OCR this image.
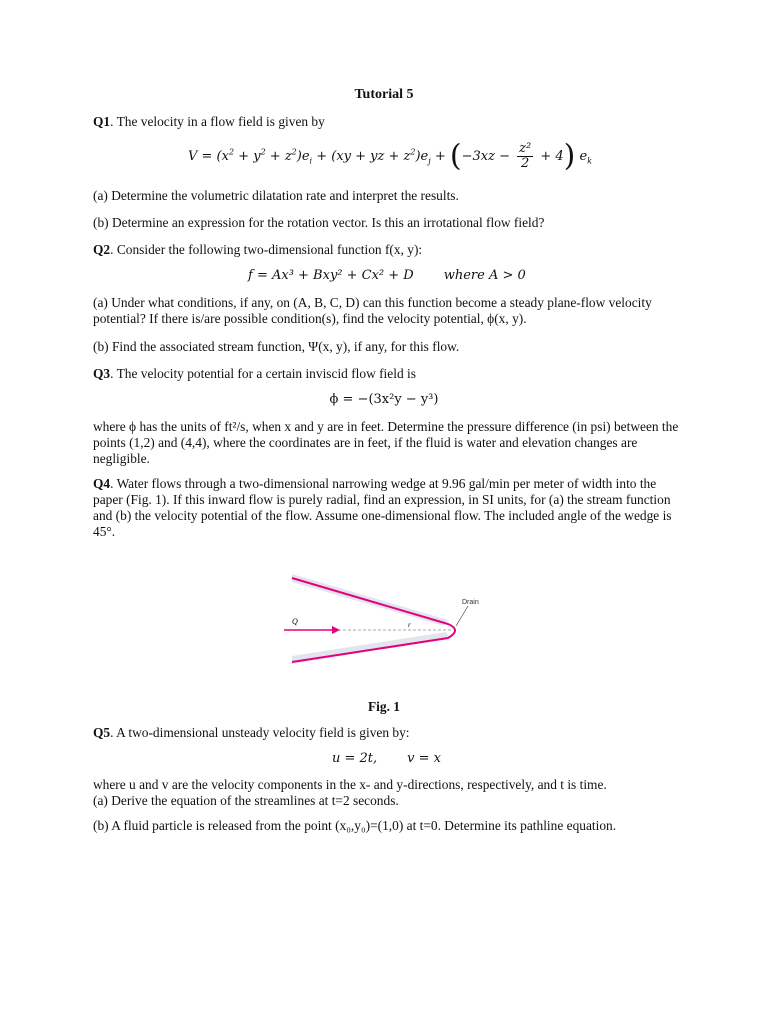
Tutorial 5

Q1. The velocity in a flow field is given by

$V = (x^2 + y^2 + z^2)e_i + (xy$ + yz + $z^2)e_j + (-3xz - \frac{\text{z²}}{2} + 4)$ $e_k$

(a) Determine the volumetric dilatation rate and interpret the results.

(b) Determine an expression for the rotation vector. Is this an irrotational flow field?

Q2. Consider the following two-dimensional function f(x, y):

f = Ax³ + Bxy² + Cx² + D where A > 0

(a) Under what conditions, if any, on (A, B, C, D) can this function become a steady plane-flow velocity potential? If there is/are possible condition(s), find the velocity potential, ϕ(x, y).

(b) Find the associated stream function, Ψ(x, y), if any, for this flow.

Q3. The velocity potential for a certain inviscid flow field is

ϕ = −(3x²y − y³)

where ϕ has the units of ft²/s, when x and y are in feet. Determine the pressure difference (in psi) between the points (1,2) and (4,4), where the coordinates are in feet, if the fluid is water and elevation changes are negligible.

Q4. Water flows through a two-dimensional narrowing wedge at 9.96 gal/min per meter of width into the paper (Fig. 1). If this inward flow is purely radial, find an expression, in SI units, for (a) the stream function and (b) the velocity potential of the flow. Assume one-dimensional flow. The included angle of the wedge is 45°.

Q	r
Drain
Fig. 1

Q5. A two-dimensional unsteady velocity field is given by:

u = 2t, v = x

where u and v are the velocity components in the x- and y-directions, respectively, and t is time.

(a) Derive the equation of the streamlines at t=2 seconds.

(b) A fluid particle is released from the point (x₀,y₀)=(1,0) at t=0. Determine its pathline equation.
